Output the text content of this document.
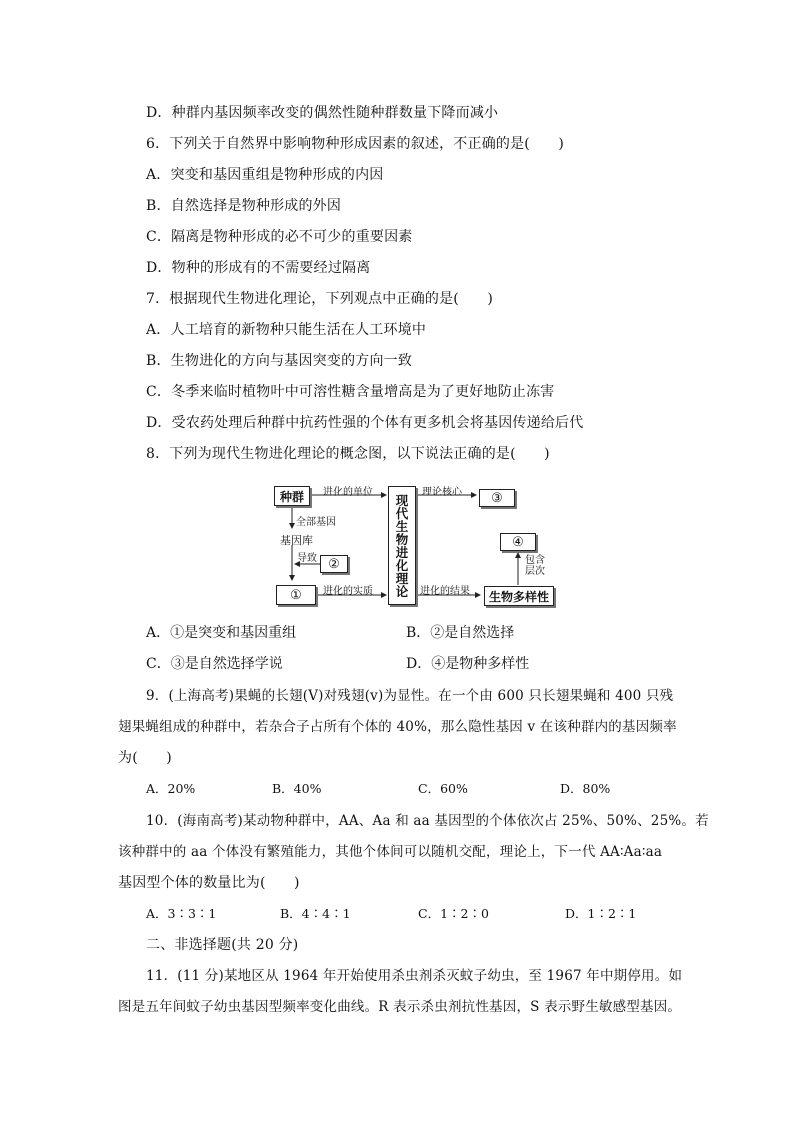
D．种群内基因频率改变的偶然性随种群数量下降而减小
6．下列关于自然界中影响物种形成因素的叙述，不正确的是(　　)
A．突变和基因重组是物种形成的内因
B．自然选择是物种形成的外因
C．隔离是物种形成的必不可少的重要因素
D．物种的形成有的不需要经过隔离
7．根据现代生物进化理论，下列观点中正确的是(　　)
A．人工培育的新物种只能生活在人工环境中
B．生物进化的方向与基因突变的方向一致
C．冬季来临时植物叶中可溶性糖含量增高是为了更好地防止冻害
D．受农药处理后种群中抗药性强的个体有更多机会将基因传递给后代
8．下列为现代生物进化理论的概念图，以下说法正确的是(　　)
种群
基因库
②
①
现代生物进化理论
③
④
生物多样性
进化的单位
全部基因
导致
进化的实质
理论核心
进化的结果
包含层次
A．①是突变和基因重组	B．②是自然选择
C．③是自然选择学说	D．④是物种多样性
9．(上海高考)果蝇的长翅(V)对残翅(v)为显性。在一个由 600 只长翅果蝇和 400 只残
翅果蝇组成的种群中，若杂合子占所有个体的 40%，那么隐性基因 v 在该种群内的基因频率
为(　　)
A．20%	B．40%	C．60%	D．80%
10．(海南高考)某动物种群中，AA、Aa 和 aa 基因型的个体依次占 25%、50%、25%。若
该种群中的 aa 个体没有繁殖能力，其他个体间可以随机交配，理论上，下一代 AA∶Aa∶aa
基因型个体的数量比为(　　)
A．3∶3∶1	B．4∶4∶1	C．1∶2∶0	D．1∶2∶1
二、非选择题(共 20 分)
11．(11 分)某地区从 1964 年开始使用杀虫剂杀灭蚊子幼虫，至 1967 年中期停用。如
图是五年间蚊子幼虫基因型频率变化曲线。R 表示杀虫剂抗性基因，S 表示野生敏感型基因。
